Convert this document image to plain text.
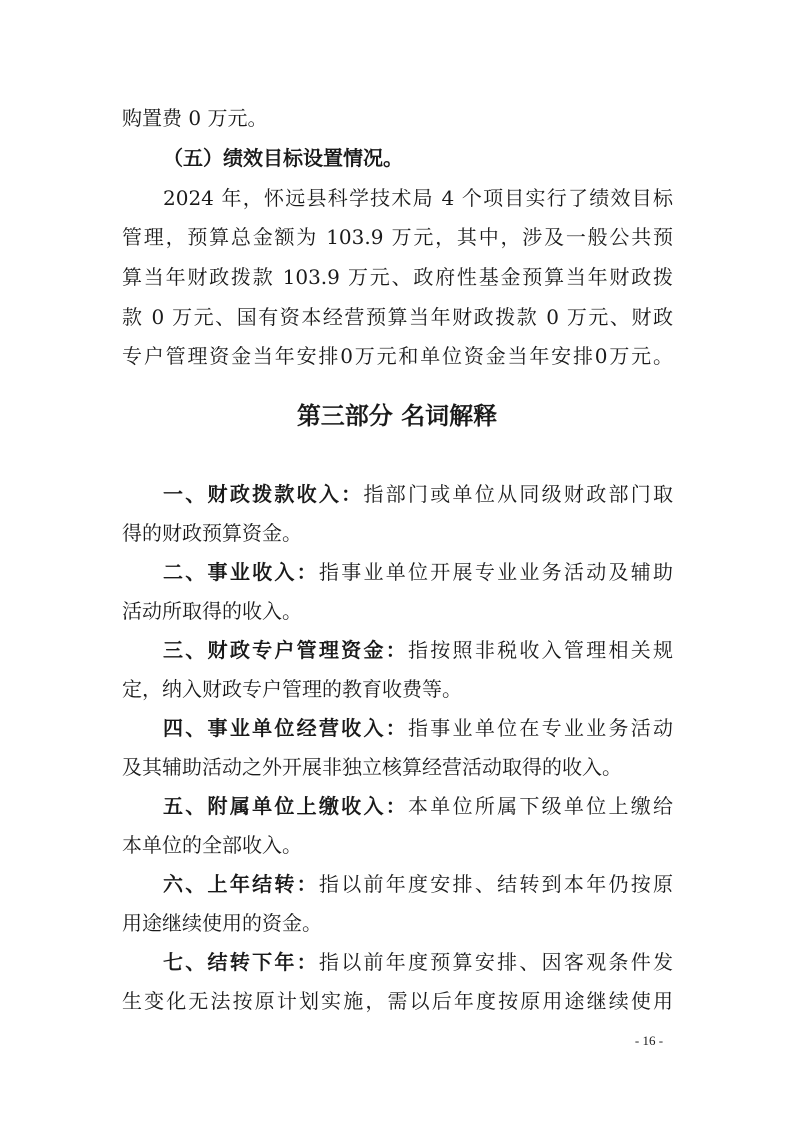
购置费 0 万元。
（五）绩效目标设置情况。
2024 年，怀远县科学技术局 4 个项目实行了绩效目标
管理，预算总金额为 103.9 万元，其中，涉及一般公共预
算当年财政拨款 103.9 万元、政府性基金预算当年财政拨
款 0 万元、国有资本经营预算当年财政拨款 0 万元、财政
专户管理资金当年安排0万元和单位资金当年安排0万元。
第三部分 名词解释
一、财政拨款收入：指部门或单位从同级财政部门取
得的财政预算资金。
二、事业收入：指事业单位开展专业业务活动及辅助
活动所取得的收入。
三、财政专户管理资金：指按照非税收入管理相关规
定，纳入财政专户管理的教育收费等。
四、事业单位经营收入：指事业单位在专业业务活动
及其辅助活动之外开展非独立核算经营活动取得的收入。
五、附属单位上缴收入：本单位所属下级单位上缴给
本单位的全部收入。
六、上年结转：指以前年度安排、结转到本年仍按原
用途继续使用的资金。
七、结转下年：指以前年度预算安排、因客观条件发
生变化无法按原计划实施，需以后年度按原用途继续使用
- 16 -
